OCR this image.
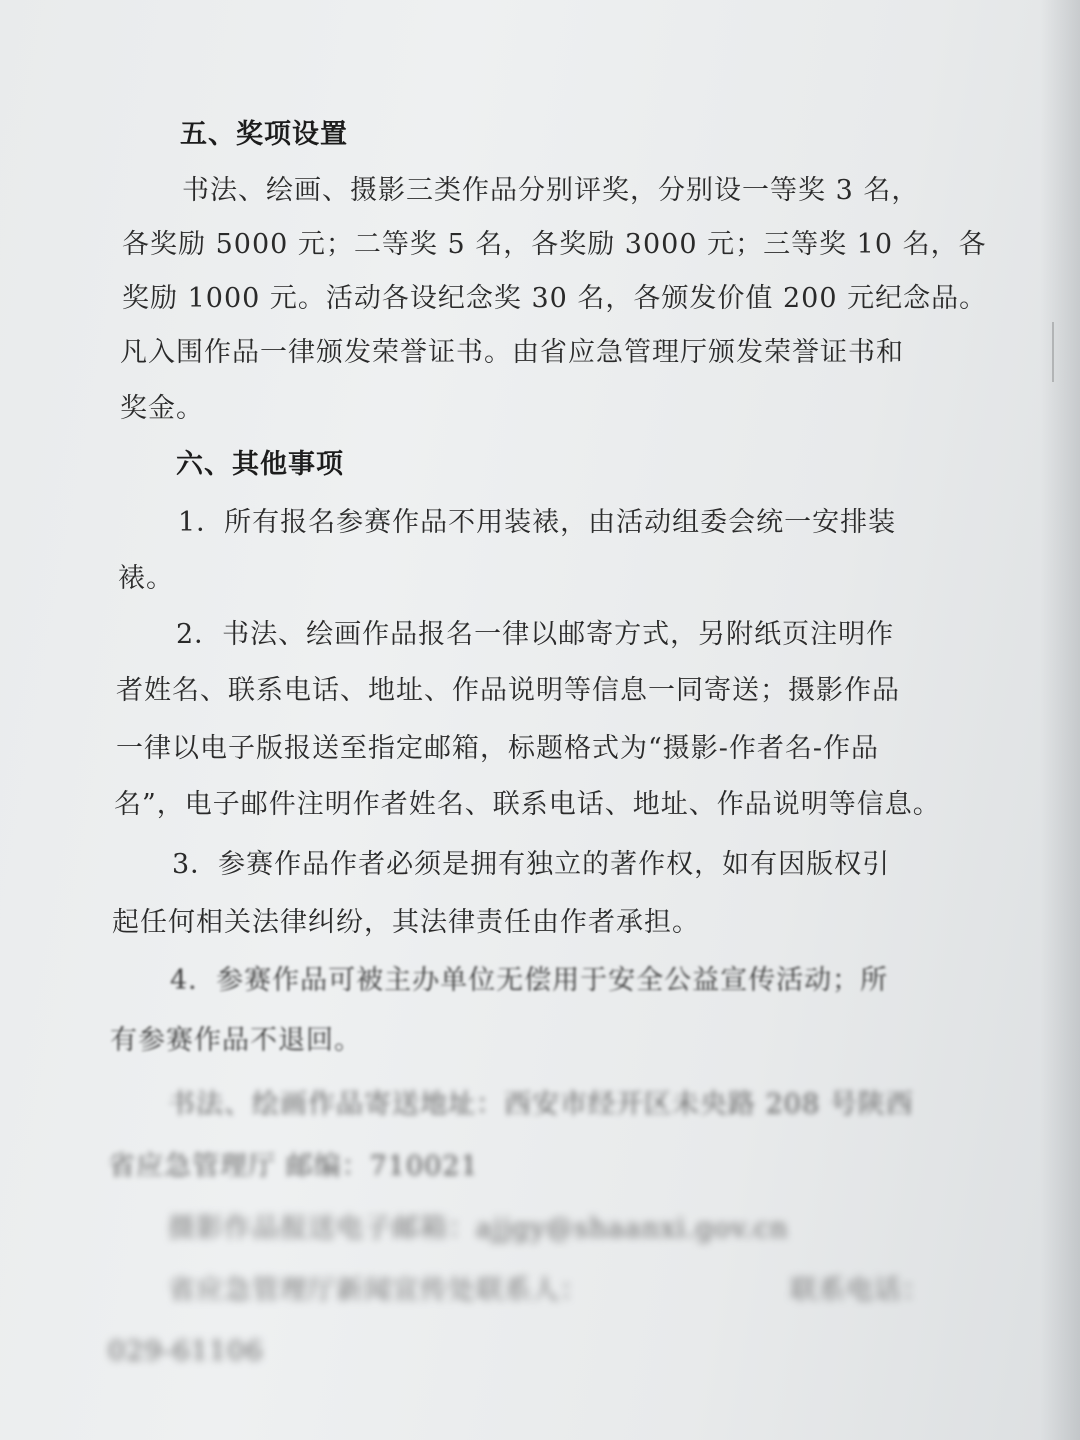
五、奖项设置
书法、绘画、摄影三类作品分别评奖，分别设一等奖 3 名，
各奖励 5000 元；二等奖 5 名，各奖励 3000 元；三等奖 10 名，各
奖励 1000 元。活动各设纪念奖 30 名，各颁发价值 200 元纪念品。
凡入围作品一律颁发荣誉证书。由省应急管理厅颁发荣誉证书和
奖金。
六、其他事项
1．所有报名参赛作品不用装裱，由活动组委会统一安排装
裱。
2．书法、绘画作品报名一律以邮寄方式，另附纸页注明作
者姓名、联系电话、地址、作品说明等信息一同寄送；摄影作品
一律以电子版报送至指定邮箱，标题格式为“摄影-作者名-作品
名”，电子邮件注明作者姓名、联系电话、地址、作品说明等信息。
3．参赛作品作者必须是拥有独立的著作权，如有因版权引
起任何相关法律纠纷，其法律责任由作者承担。
4．参赛作品可被主办单位无偿用于安全公益宣传活动；所
有参赛作品不退回。
书法、绘画作品寄送地址：西安市经开区未央路 208 号陕西
省应急管理厅 邮编：710021
摄影作品报送电子邮箱：ajjgy@shaanxi.gov.cn
省应急管理厅新闻宣传处联系人：	联系电话：
029-61106
